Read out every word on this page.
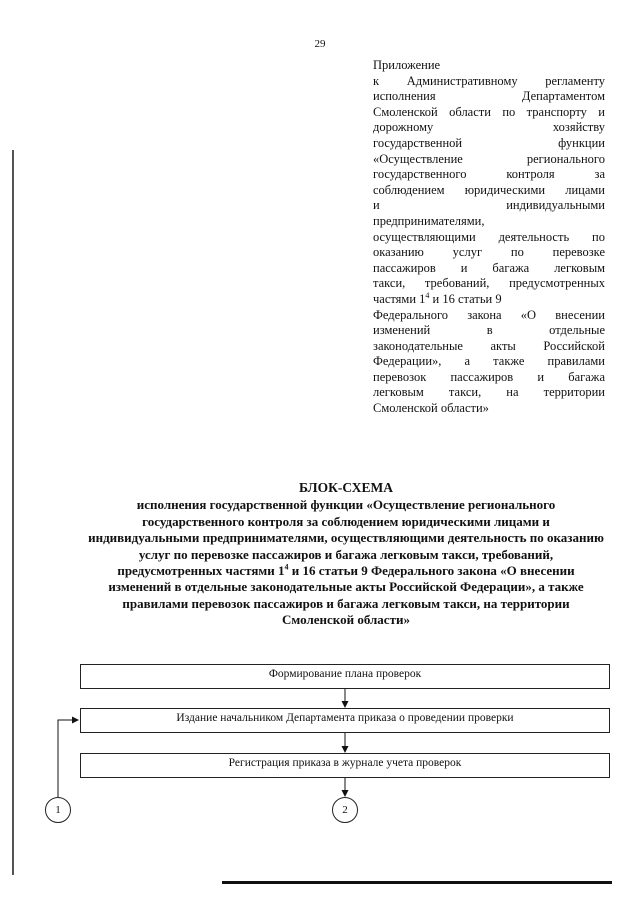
29
Приложение
к Административному регламенту
исполнения Департаментом
Смоленской области по транспорту и
дорожному хозяйству
государственной функции
«Осуществление регионального
государственного контроля за
соблюдением юридическими лицами
и индивидуальными
предпринимателями,
осуществляющими деятельность по
оказанию услуг по перевозке
пассажиров и багажа легковым
такси, требований, предусмотренных
частями $1^4$ и 16 статьи 9
Федерального закона «О внесении
изменений в отдельные
законодательные акты Российской
Федерации», а также правилами
перевозок пассажиров и багажа
легковым такси, на территории
Смоленской области»
БЛОК-СХЕМА
исполнения государственной функции «Осуществление регионального государственного контроля за соблюдением юридическими лицами и индивидуальными предпринимателями, осуществляющими деятельность по оказанию услуг по перевозке пассажиров и багажа легковым такси, требований, предусмотренных частями $1^4$ и 16 статьи 9 Федерального закона «О внесении изменений в отдельные законодательные акты Российской Федерации», а также правилами перевозок пассажиров и багажа легковым такси, на территории Смоленской области»
Формирование плана проверок
Издание начальником Департамента приказа о проведении проверки
Регистрация приказа в журнале учета проверок
1	2
